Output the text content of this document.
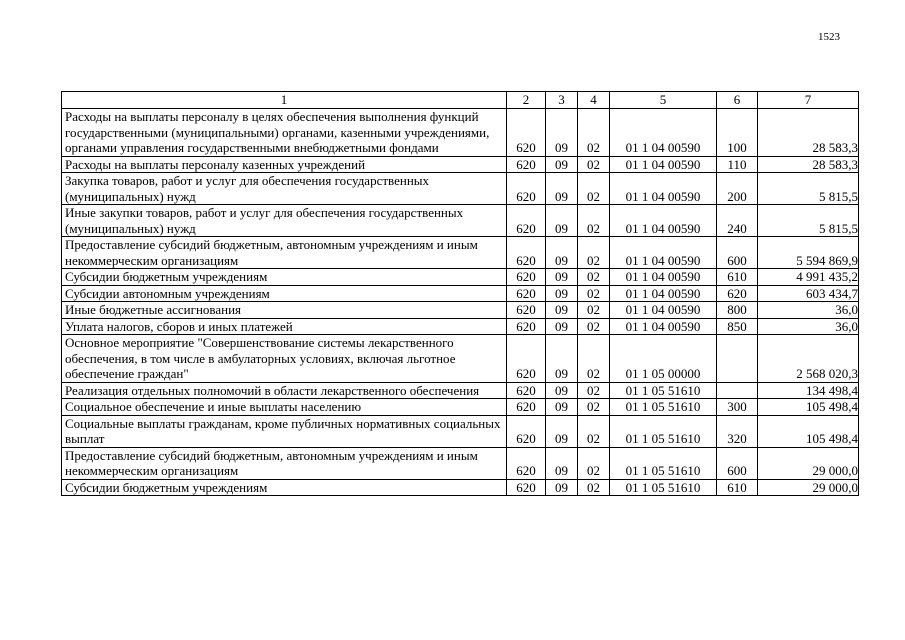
1523
1	2	3	4	5	6	7
Расходы на выплаты персоналу в целях обеспечения выполнения функций государственными (муниципальными) органами, казенными учреждениями, органами управления государственными внебюджетными фондами	620	09	02	01 1 04 00590	100	28 583,3
Расходы на выплаты персоналу казенных учреждений	620	09	02	01 1 04 00590	110	28 583,3
Закупка товаров, работ и услуг для обеспечения государственных (муниципальных) нужд	620	09	02	01 1 04 00590	200	5 815,5
Иные закупки товаров, работ и услуг для обеспечения государственных (муниципальных) нужд	620	09	02	01 1 04 00590	240	5 815,5
Предоставление субсидий бюджетным, автономным учреждениям и иным некоммерческим организациям	620	09	02	01 1 04 00590	600	5 594 869,9
Субсидии бюджетным учреждениям	620	09	02	01 1 04 00590	610	4 991 435,2
Субсидии автономным учреждениям	620	09	02	01 1 04 00590	620	603 434,7
Иные бюджетные ассигнования	620	09	02	01 1 04 00590	800	36,0
Уплата налогов, сборов и иных платежей	620	09	02	01 1 04 00590	850	36,0
Основное мероприятие "Совершенствование системы лекарственного обеспечения, в том числе в амбулаторных условиях, включая льготное обеспечение граждан"	620	09	02	01 1 05 00000		2 568 020,3
Реализация отдельных полномочий в области лекарственного обеспечения	620	09	02	01 1 05 51610		134 498,4
Социальное обеспечение и иные выплаты населению	620	09	02	01 1 05 51610	300	105 498,4
Социальные выплаты гражданам, кроме публичных нормативных социальных выплат	620	09	02	01 1 05 51610	320	105 498,4
Предоставление субсидий бюджетным, автономным учреждениям и иным некоммерческим организациям	620	09	02	01 1 05 51610	600	29 000,0
Субсидии бюджетным учреждениям	620	09	02	01 1 05 51610	610	29 000,0
